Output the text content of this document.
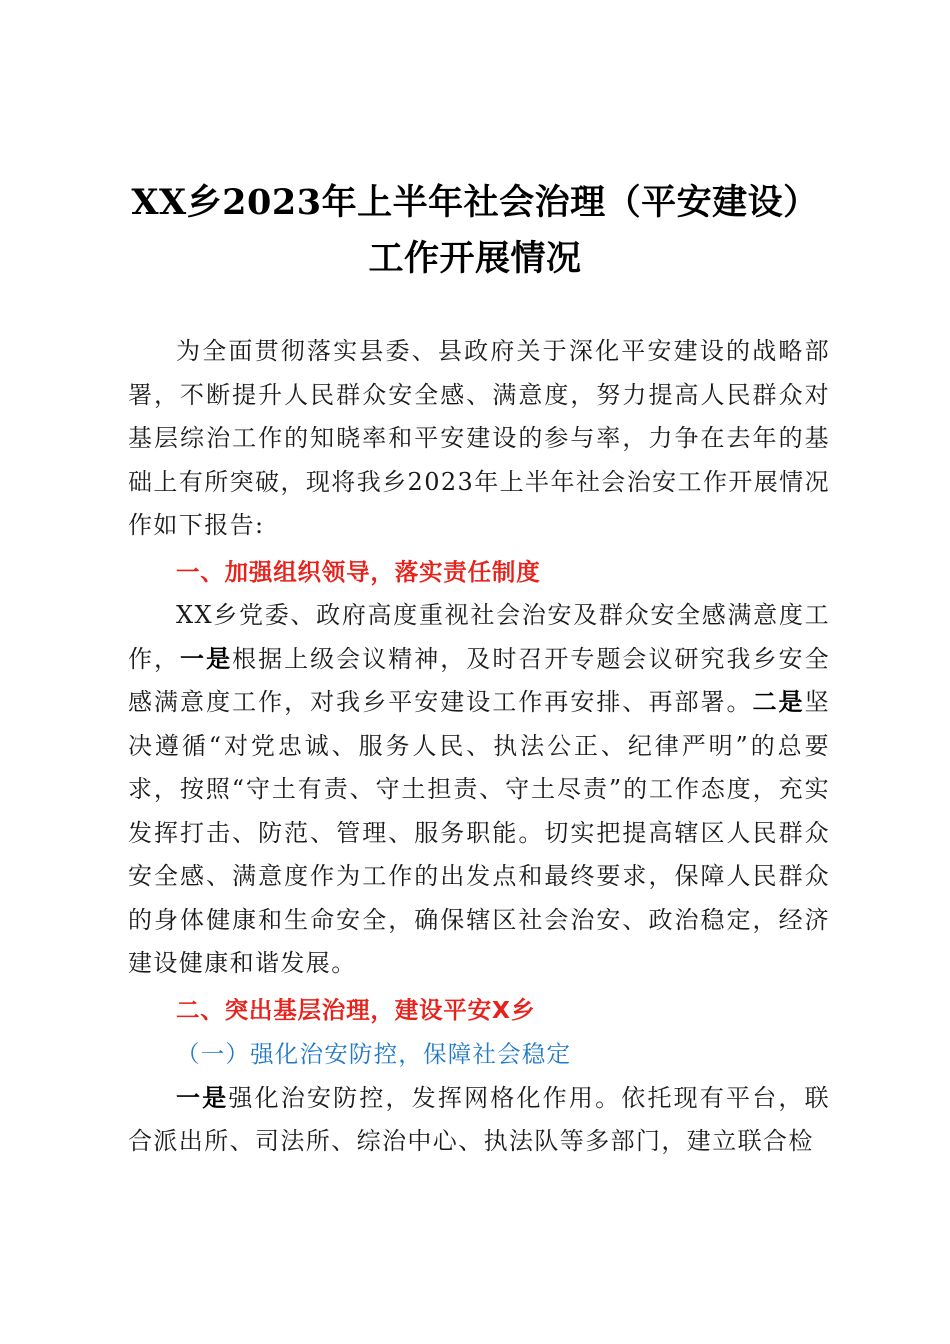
XX乡2023年上半年社会治理（平安建设）工作开展情况

为全面贯彻落实县委、县政府关于深化平安建设的战略部署，不断提升人民群众安全感、满意度，努力提高人民群众对基层综治工作的知晓率和平安建设的参与率，力争在去年的基础上有所突破，现将我乡2023年上半年社会治安工作开展情况作如下报告:

一、加强组织领导，落实责任制度

XX乡党委、政府高度重视社会治安及群众安全感满意度工作，一是根据上级会议精神，及时召开专题会议研究我乡安全感满意度工作，对我乡平安建设工作再安排、再部署。二是坚决遵循“对党忠诚、服务人民、执法公正、纪律严明”的总要求，按照“守土有责、守土担责、守土尽责”的工作态度，充实发挥打击、防范、管理、服务职能。切实把提高辖区人民群众安全感、满意度作为工作的出发点和最终要求，保障人民群众的身体健康和生命安全，确保辖区社会治安、政治稳定，经济建设健康和谐发展。

二、突出基层治理，建设平安X乡

（一）强化治安防控，保障社会稳定

一是强化治安防控，发挥网格化作用。依托现有平台，联合派出所、司法所、综治中心、执法队等多部门，建立联合检
